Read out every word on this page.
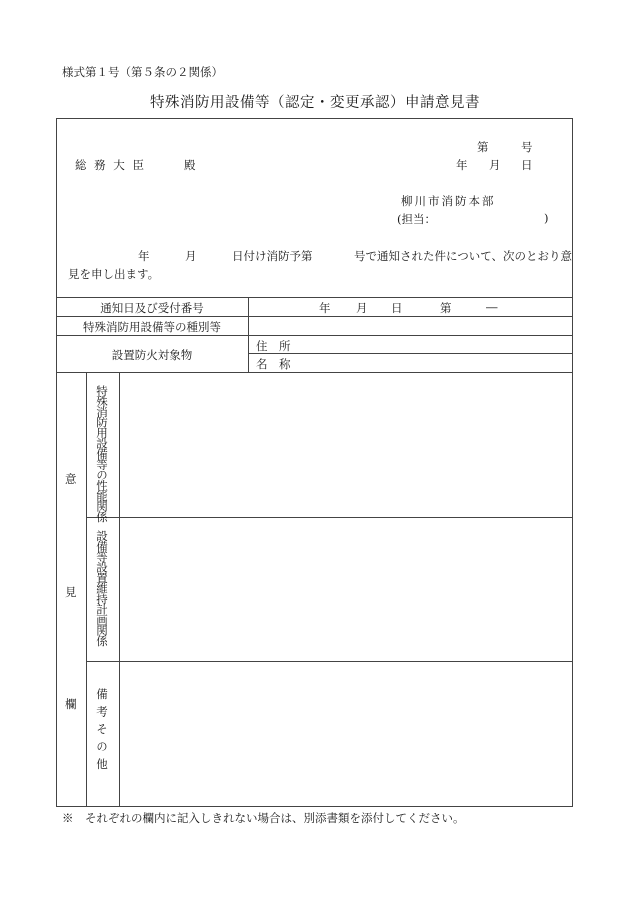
様式第１号（第５条の２関係）
特殊消防用設備等（認定・変更承認）申請意見書
第	号
総 務 大 臣	殿	年 月 日
柳川市消防本部
(担当：	)
年	月	日付け消防予第	号で通知された件について、次のとおり意
見を申し出ます。
通知日及び受付番号	年 月 日	第	―
特殊消防用設備等の種別等
設置防火対象物
住　所
名　称
意
見
欄
特殊消防用設備等の性能関係
設備等設置維持計画関係
備考その他
※　それぞれの欄内に記入しきれない場合は、別添書類を添付してください。
